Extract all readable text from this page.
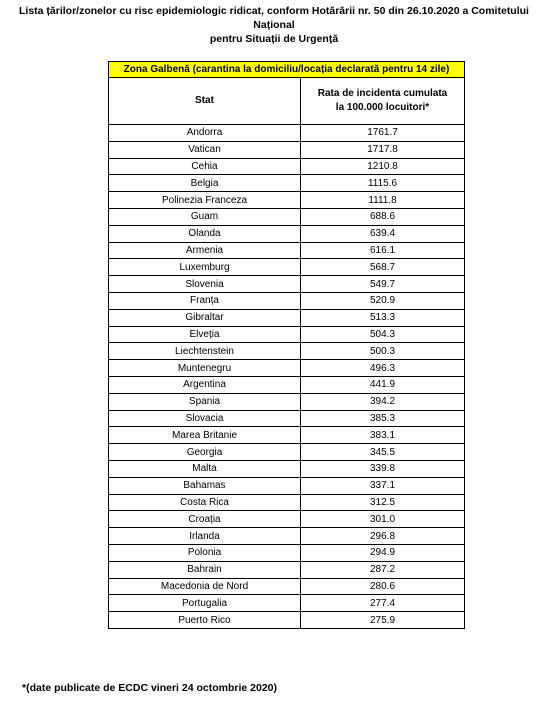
Lista țărilor/zonelor cu risc epidemiologic ridicat, conform Hotărârii nr. 50 din 26.10.2020 a Comitetului Național
pentru Situații de Urgență
Zona Galbenă (carantina la domiciliu/locația declarată pentru 14 zile)	
Stat	Rata de incidenta cumulata
la 100.000 locuitori*
Andorra	1761.7
Vatican	1717.8
Cehia	1210.8
Belgia	1115.6
Polinezia Franceza	1111.8
Guam	688.6
Olanda	639.4
Armenia	616.1
Luxemburg	568.7
Slovenia	549.7
Franța	520.9
Gibraltar	513.3
Elveția	504.3
Liechtenstein	500.3
Muntenegru	496.3
Argentina	441.9
Spania	394.2
Slovacia	385.3
Marea Britanie	383.1
Georgia	345.5
Malta	339.8
Bahamas	337.1
Costa Rica	312.5
Croația	301.0
Irlanda	296.8
Polonia	294.9
Bahrain	287.2
Macedonia de Nord	280.6
Portugalia	277.4
Puerto Rico	275.9
*(date publicate de ECDC vineri 24 octombrie 2020)
